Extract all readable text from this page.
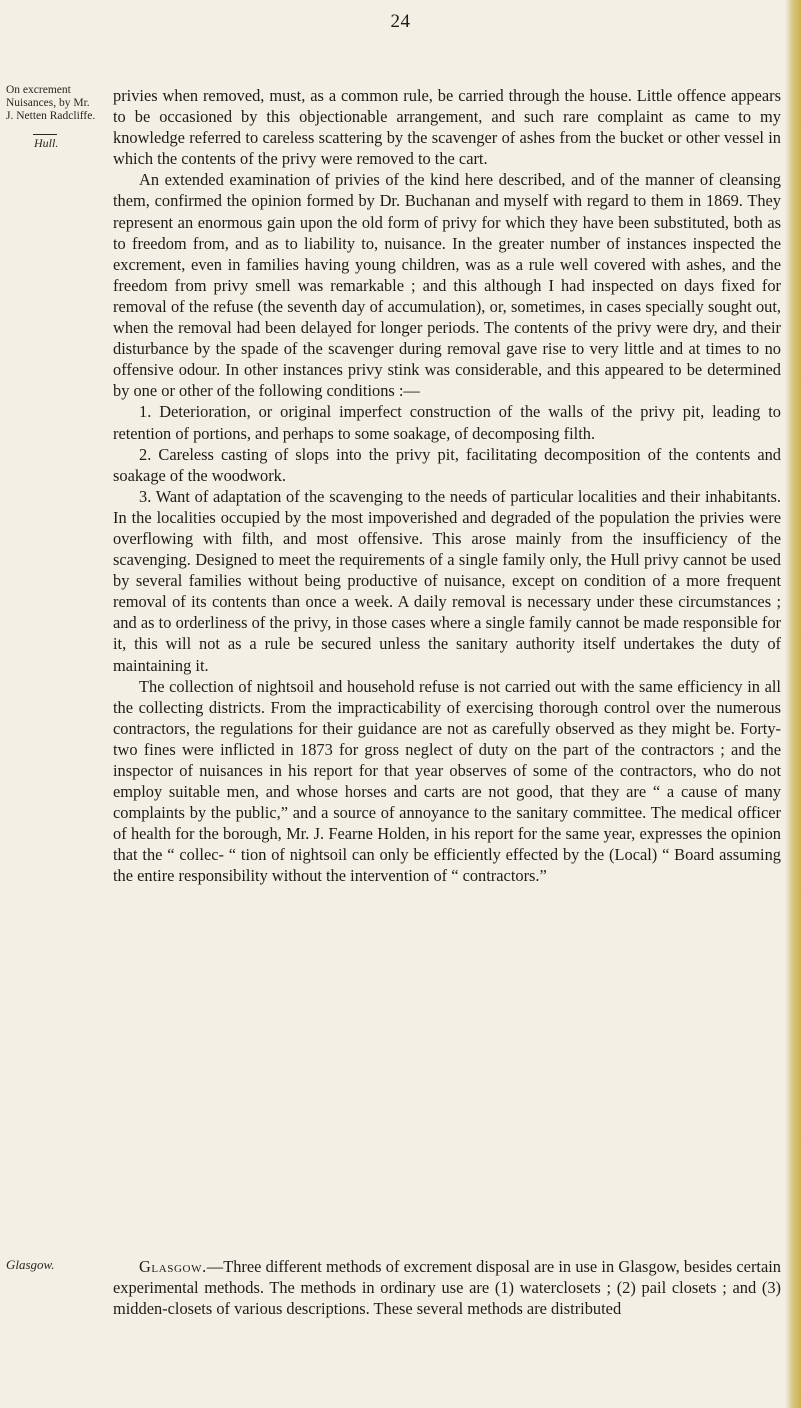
24
On excrement Nuisances, by Mr. J. Netten Radcliffe.
Hull.

privies when removed, must, as a common rule, be carried through the house. Little offence appears to be occasioned by this objectionable arrangement, and such rare complaint as came to my knowledge referred to careless scattering by the scavenger of ashes from the bucket or other vessel in which the contents of the privy were removed to the cart.

An extended examination of privies of the kind here described, and of the manner of cleansing them, confirmed the opinion formed by Dr. Buchanan and myself with regard to them in 1869. They represent an enormous gain upon the old form of privy for which they have been substituted, both as to freedom from, and as to liability to, nuisance. In the greater number of instances inspected the excrement, even in families having young children, was as a rule well covered with ashes, and the freedom from privy smell was remarkable ; and this although I had inspected on days fixed for removal of the refuse (the seventh day of accumulation), or, sometimes, in cases specially sought out, when the removal had been delayed for longer periods. The contents of the privy were dry, and their disturbance by the spade of the scavenger during removal gave rise to very little and at times to no offensive odour. In other instances privy stink was considerable, and this appeared to be determined by one or other of the following conditions :—

1. Deterioration, or original imperfect construction of the walls of the privy pit, leading to retention of portions, and perhaps to some soakage, of decomposing filth.

2. Careless casting of slops into the privy pit, facilitating decomposition of the contents and soakage of the woodwork.

3. Want of adaptation of the scavenging to the needs of particular localities and their inhabitants. In the localities occupied by the most impoverished and degraded of the population the privies were overflowing with filth, and most offensive. This arose mainly from the insufficiency of the scavenging. Designed to meet the requirements of a single family only, the Hull privy cannot be used by several families without being productive of nuisance, except on condition of a more frequent removal of its contents than once a week. A daily removal is necessary under these circumstances ; and as to orderliness of the privy, in those cases where a single family cannot be made responsible for it, this will not as a rule be secured unless the sanitary authority itself undertakes the duty of maintaining it.

The collection of nightsoil and household refuse is not carried out with the same efficiency in all the collecting districts. From the impracticability of exercising thorough control over the numerous contractors, the regulations for their guidance are not as carefully observed as they might be. Forty-two fines were inflicted in 1873 for gross neglect of duty on the part of the contractors ; and the inspector of nuisances in his report for that year observes of some of the contractors, who do not employ suitable men, and whose horses and carts are not good, that they are “ a cause of many complaints by the public,” and a source of annoyance to the sanitary committee. The medical officer of health for the borough, Mr. J. Fearne Holden, in his report for the same year, expresses the opinion that the “ collec- “ tion of nightsoil can only be efficiently effected by the (Local) “ Board assuming the entire responsibility without the intervention of “ contractors.”

Glasgow.	Glasgow.—Three different methods of excrement disposal are in use in Glasgow, besides certain experimental methods. The methods in ordinary use are (1) waterclosets ; (2) pail closets ; and (3) midden-closets of various descriptions. These several methods are distributed
